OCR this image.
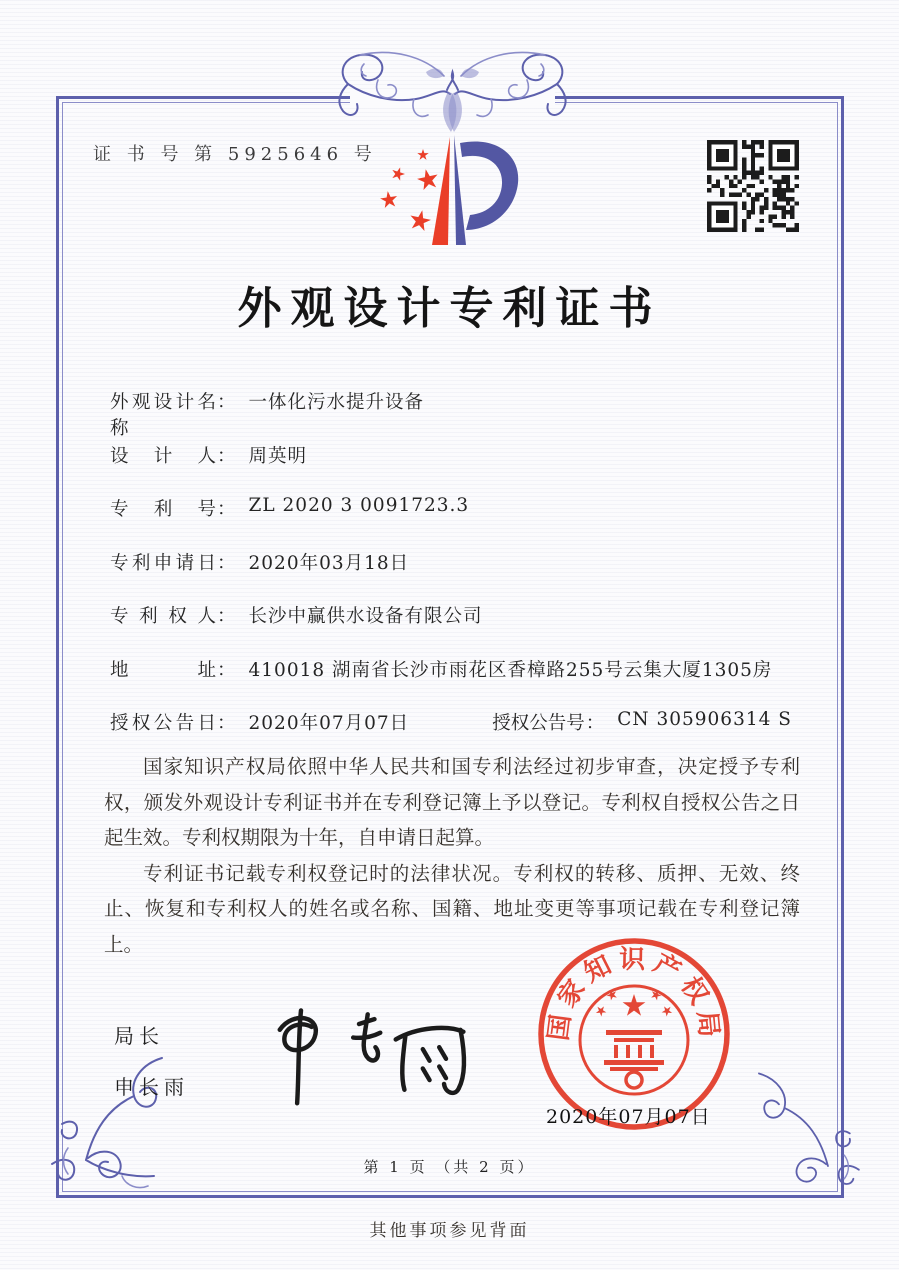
证 书 号 第 5925646 号
外观设计专利证书
外观设计名称
： 一体化污水提升设备
设计人 ： 周英明
专利号 ： ZL 2020 3 0091723.3
专利申请日 ： 2020年03月18日
专利权人 ： 长沙中赢供水设备有限公司
地址 ： 410018 湖南省长沙市雨花区香樟路255号云集大厦1305房
授权公告日 ： 2020年07月07日	授权公告号 ： CN 305906314 S

国家知识产权局依照中华人民共和国专利法经过初步审查，决定授予专利权，颁发外观设计专利证书并在专利登记簿上予以登记。专利权自授权公告之日起生效。专利权期限为十年，自申请日起算。

专利证书记载专利权登记时的法律状况。专利权的转移、质押、无效、终止、恢复和专利权人的姓名或名称、国籍、地址变更等事项记载在专利登记簿上。

局长
申长雨
国家知识产权局
2020年07月07日
第 1 页 （共 2 页）
其他事项参见背面
